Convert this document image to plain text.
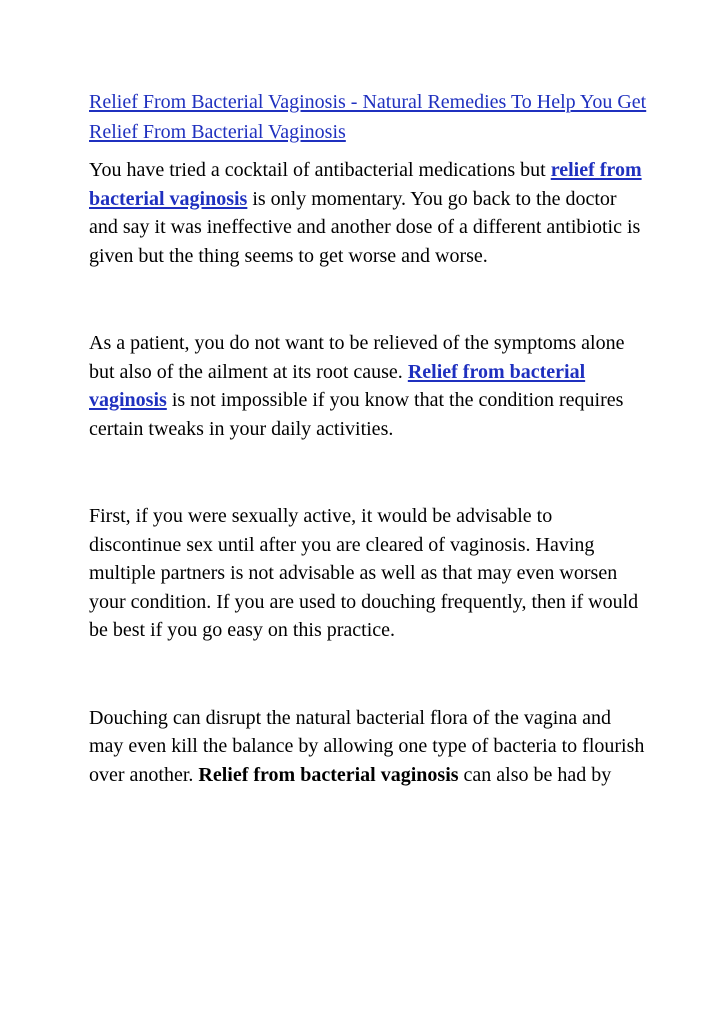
Relief From Bacterial Vaginosis - Natural Remedies To Help You Get Relief From Bacterial Vaginosis

You have tried a cocktail of antibacterial medications but relief from bacterial vaginosis is only momentary. You go back to the doctor and say it was ineffective and another dose of a different antibiotic is given but the thing seems to get worse and worse.

As a patient, you do not want to be relieved of the symptoms alone but also of the ailment at its root cause. Relief from bacterial vaginosis is not impossible if you know that the condition requires certain tweaks in your daily activities.

First, if you were sexually active, it would be advisable to discontinue sex until after you are cleared of vaginosis. Having multiple partners is not advisable as well as that may even worsen your condition. If you are used to douching frequently, then if would be best if you go easy on this practice.

Douching can disrupt the natural bacterial flora of the vagina and may even kill the balance by allowing one type of bacteria to flourish over another. Relief from bacterial vaginosis can also be had by
